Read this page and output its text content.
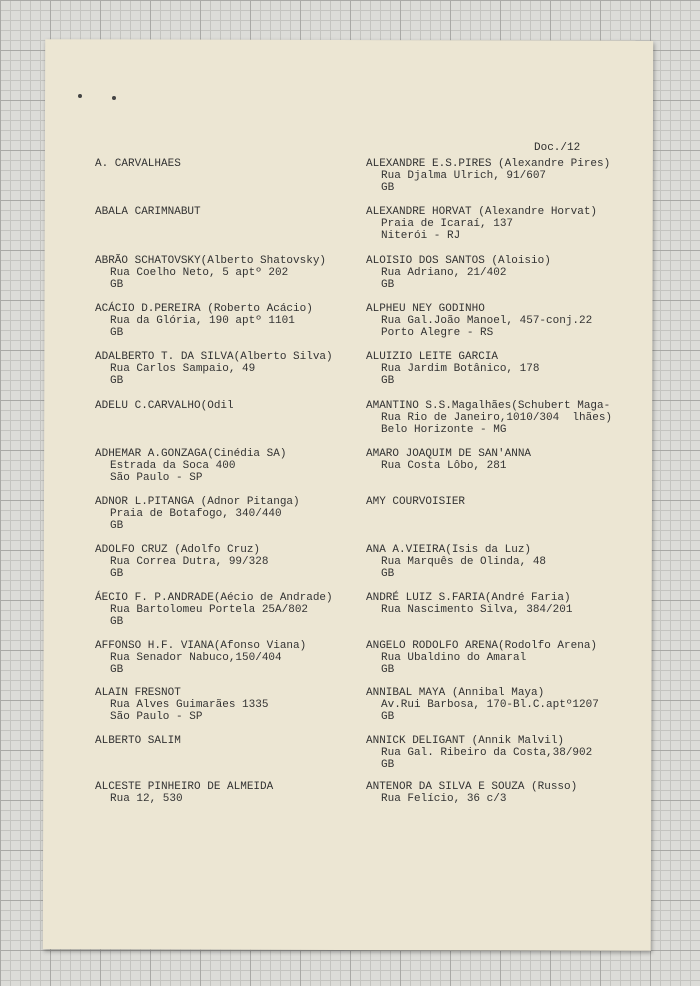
Doc./12
A. CARVALHAES
ABALA CARIMNABUT
ABRÃO SCHATOVSKY(Alberto Shatovsky)
Rua Coelho Neto, 5 aptº 202
GB
ACÁCIO D.PEREIRA (Roberto Acácio)
Rua da Glória, 190 aptº 1101
GB
ADALBERTO T. DA SILVA(Alberto Silva)
Rua Carlos Sampaio, 49
GB
ADELU C.CARVALHO(Odil
ADHEMAR A.GONZAGA(Cinédia SA)
Estrada da Soca 400
São Paulo - SP
ADNOR L.PITANGA (Adnor Pitanga)
Praia de Botafogo, 340/440
GB
ADOLFO CRUZ (Adolfo Cruz)
Rua Correa Dutra, 99/328
GB
ÁECIO F. P.ANDRADE(Aécio de Andrade)
Rua Bartolomeu Portela 25A/802
GB
AFFONSO H.F. VIANA(Afonso Viana)
Rua Senador Nabuco,150/404
GB
ALAIN FRESNOT
Rua Alves Guimarães 1335
São Paulo - SP
ALBERTO SALIM
ALCESTE PINHEIRO DE ALMEIDA
Rua 12, 530
ALEXANDRE E.S.PIRES (Alexandre Pires)
Rua Djalma Ulrich, 91/607
GB
ALEXANDRE HORVAT (Alexandre Horvat)
Praia de Icaraí, 137
Niterói - RJ
ALOISIO DOS SANTOS (Aloisio)
Rua Adriano, 21/402
GB
ALPHEU NEY GODINHO
Rua Gal.João Manoel, 457-conj.22
Porto Alegre - RS
ALUIZIO LEITE GARCIA
Rua Jardim Botânico, 178
GB
AMANTINO S.S.Magalhães(Schubert Maga-
Rua Rio de Janeiro,1010/304  lhães)
Belo Horizonte - MG
AMARO JOAQUIM DE SAN'ANNA
Rua Costa Lôbo, 281
AMY COURVOISIER
ANA A.VIEIRA(Isis da Luz)
Rua Marquês de Olinda, 48
GB
ANDRÉ LUIZ S.FARIA(André Faria)
Rua Nascimento Silva, 384/201
ANGELO RODOLFO ARENA(Rodolfo Arena)
Rua Ubaldino do Amaral
GB
ANNIBAL MAYA (Annibal Maya)
Av.Rui Barbosa, 170-Bl.C.aptº1207
GB
ANNICK DELIGANT (Annik Malvil)
Rua Gal. Ribeiro da Costa,38/902
GB
ANTENOR DA SILVA E SOUZA (Russo)
Rua Felício, 36 c/3
